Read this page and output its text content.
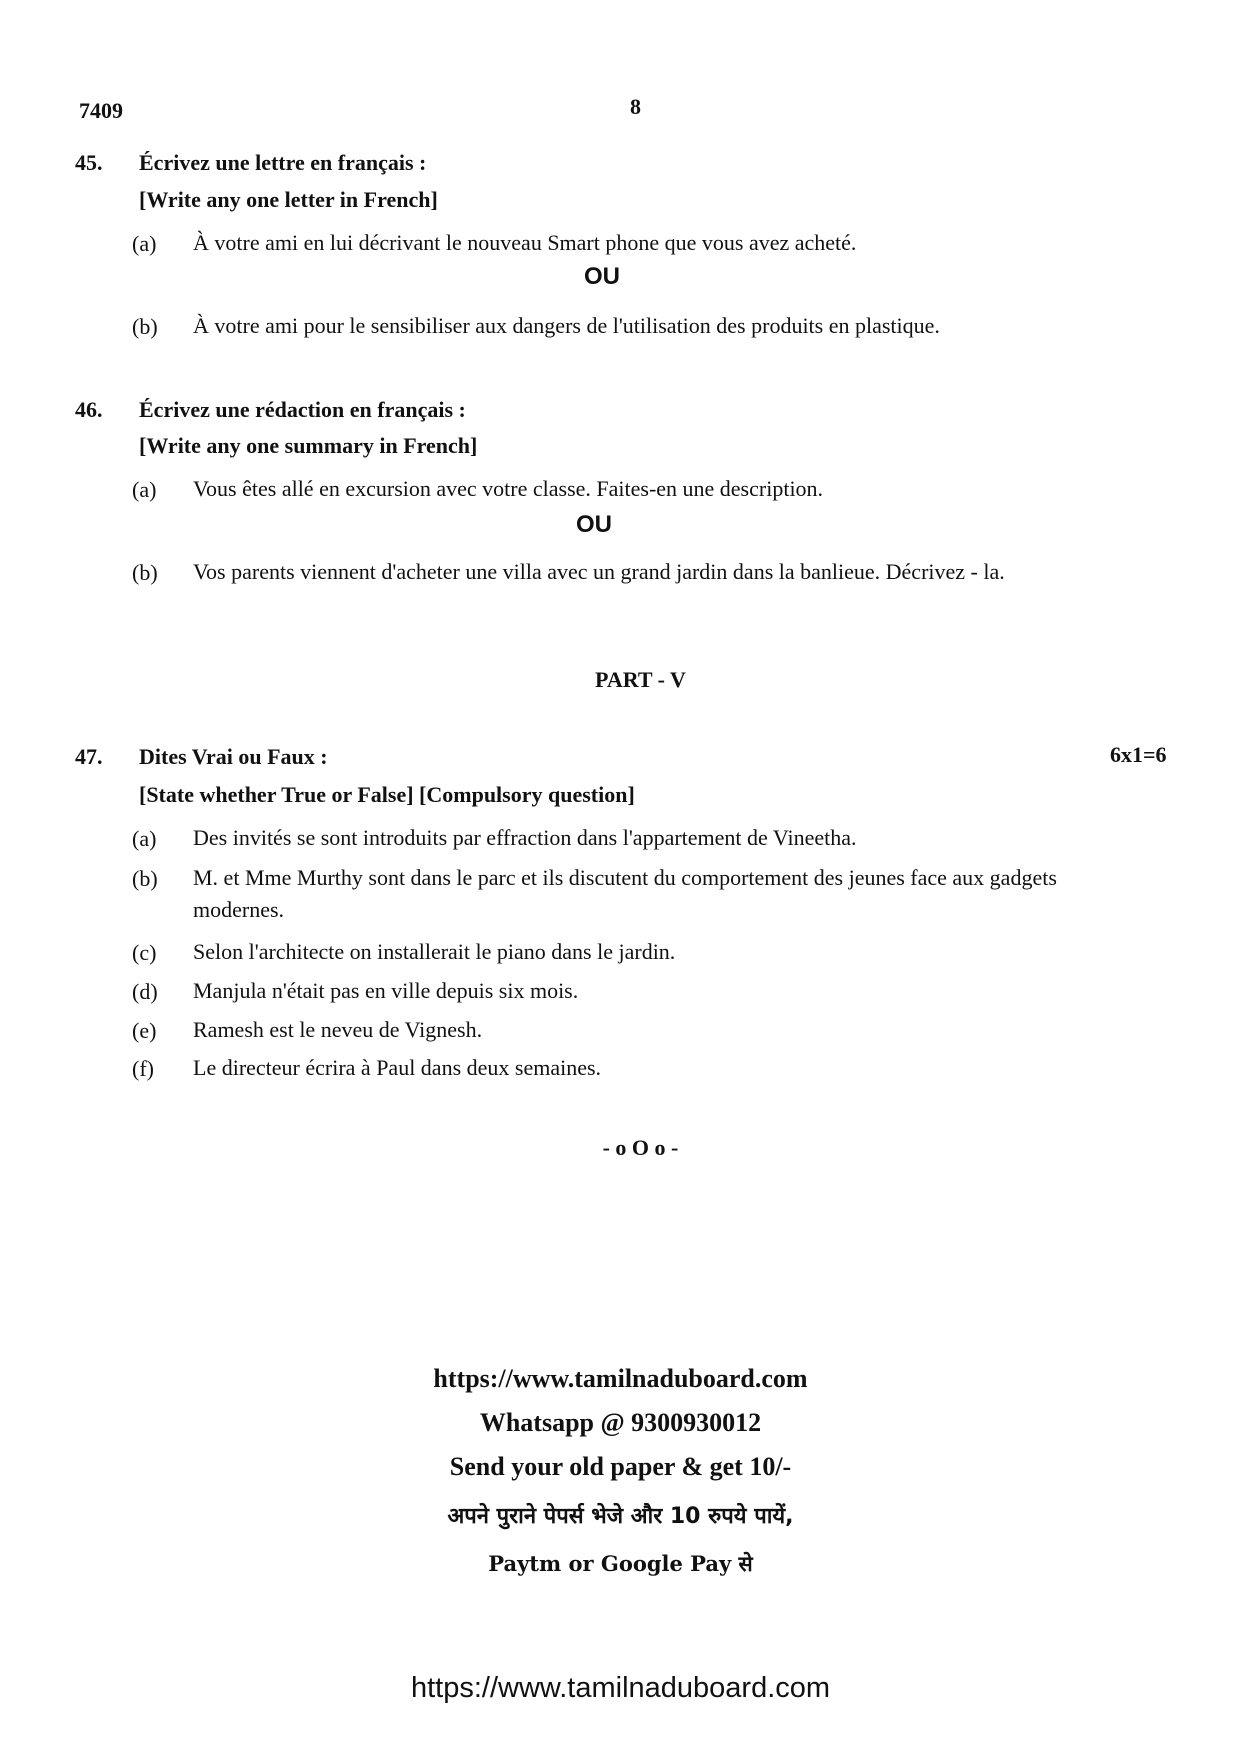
7409	8
45. Écrivez une lettre en français :
[Write any one letter in French]
(a) À votre ami en lui décrivant le nouveau Smart phone que vous avez acheté.
OU
(b) À votre ami pour le sensibiliser aux dangers de l'utilisation des produits en plastique.
46. Écrivez une rédaction en français :
[Write any one summary in French]
(a) Vous êtes allé en excursion avec votre classe. Faites-en une description.
OU
(b) Vos parents viennent d'acheter une villa avec un grand jardin dans la banlieue. Décrivez - la.
PART - V
47. Dites Vrai ou Faux :	6x1=6
[State whether True or False] [Compulsory question]
(a) Des invités se sont introduits par effraction dans l'appartement de Vineetha.
(b) M. et Mme Murthy sont dans le parc et ils discutent du comportement des jeunes face aux gadgets modernes.
(c) Selon l'architecte on installerait le piano dans le jardin.
(d) Manjula n'était pas en ville depuis six mois.
(e) Ramesh est le neveu de Vignesh.
(f) Le directeur écrira à Paul dans deux semaines.
- o O o -
https://www.tamilnaduboard.com
Whatsapp @ 9300930012
Send your old paper & get 10/-
अपने पुराने पेपर्स भेजे और 10 रुपये पायें,
Paytm or Google Pay से
https://www.tamilnaduboard.com
